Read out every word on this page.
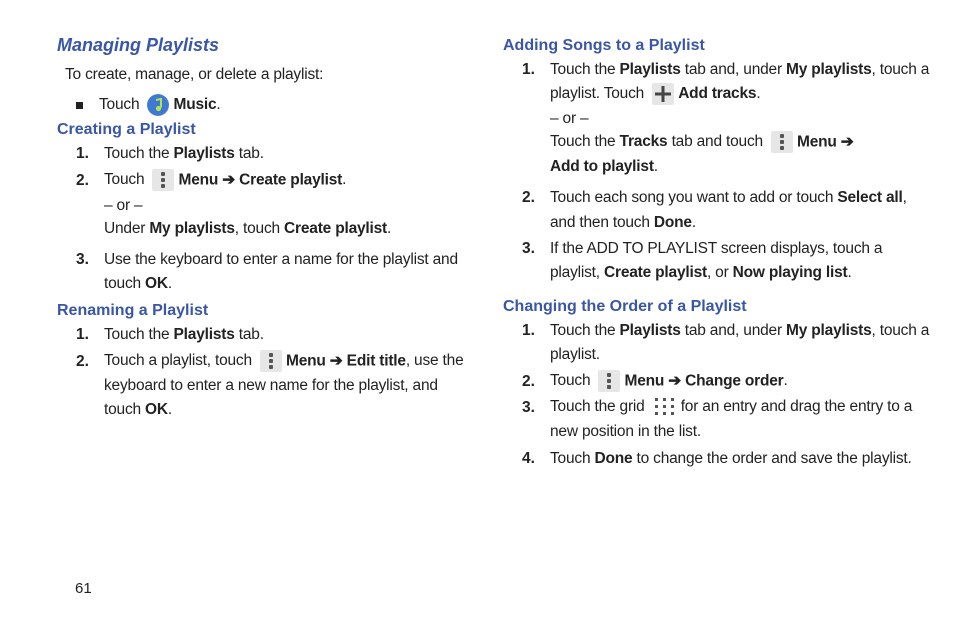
Managing Playlists
To create, manage, or delete a playlist:
Touch Music.
Creating a Playlist
1. Touch the Playlists tab.
2. Touch Menu ➔ Create playlist.
– or –
Under My playlists, touch Create playlist.
3. Use the keyboard to enter a name for the playlist and
touch OK.
Renaming a Playlist
1. Touch the Playlists tab.
2. Touch a playlist, touch Menu ➔ Edit title, use the
keyboard to enter a new name for the playlist, and
touch OK.
Adding Songs to a Playlist
1. Touch the Playlists tab and, under My playlists, touch a
playlist. Touch Add tracks.
– or –
Touch the Tracks tab and touch Menu ➔
Add to playlist.
2. Touch each song you want to add or touch Select all,
and then touch Done.
3. If the ADD TO PLAYLIST screen displays, touch a
playlist, Create playlist, or Now playing list.
Changing the Order of a Playlist
1. Touch the Playlists tab and, under My playlists, touch a
playlist.
2. Touch Menu ➔ Change order.
3. Touch the grid for an entry and drag the entry to a
new position in the list.
4. Touch Done to change the order and save the playlist.
61
